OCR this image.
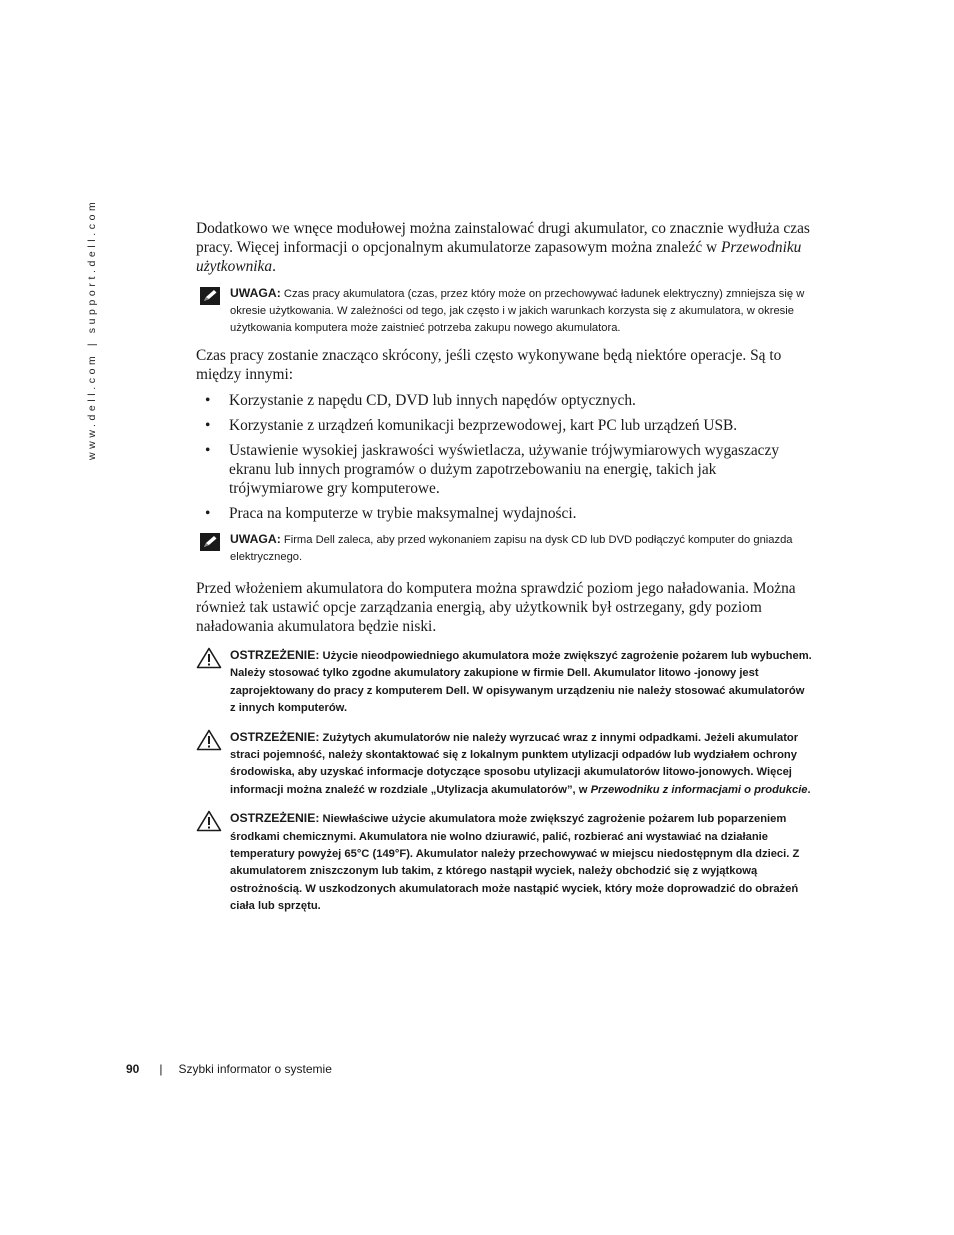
www.dell.com | support.dell.com	Dodatkowo we wnęce modułowej można zainstalować drugi akumulator, co znacznie wydłuża czas pracy. Więcej informacji o opcjonalnym akumulatorze zapasowym można znaleźć w Przewodniku użytkownika.

UWAGA: Czas pracy akumulatora (czas, przez który może on przechowywać ładunek elektryczny) zmniejsza się w okresie użytkowania. W zależności od tego, jak często i w jakich warunkach korzysta się z akumulatora, w okresie użytkowania komputera może zaistnieć potrzeba zakupu nowego akumulatora.

Czas pracy zostanie znacząco skrócony, jeśli często wykonywane będą niektóre operacje. Są to między innymi:

• Korzystanie z napędu CD, DVD lub innych napędów optycznych.
• Korzystanie z urządzeń komunikacji bezprzewodowej, kart PC lub urządzeń USB.
• Ustawienie wysokiej jaskrawości wyświetlacza, używanie trójwymiarowych wygaszaczy ekranu lub innych programów o dużym zapotrzebowaniu na energię, takich jak trójwymiarowe gry komputerowe.
• Praca na komputerze w trybie maksymalnej wydajności.
UWAGA: Firma Dell zaleca, aby przed wykonaniem zapisu na dysk CD lub DVD podłączyć komputer do gniazda elektrycznego.

Przed włożeniem akumulatora do komputera można sprawdzić poziom jego naładowania. Można również tak ustawić opcje zarządzania energią, aby użytkownik był ostrzegany, gdy poziom naładowania akumulatora będzie niski.

OSTRZEŻENIE: Użycie nieodpowiedniego akumulatora może zwiększyć zagrożenie pożarem lub wybuchem. Należy stosować tylko zgodne akumulatory zakupione w firmie Dell. Akumulator litowo -jonowy jest zaprojektowany do pracy z komputerem Dell. W opisywanym urządzeniu nie należy stosować akumulatorów z innych komputerów.
OSTRZEŻENIE: Zużytych akumulatorów nie należy wyrzucać wraz z innymi odpadkami. Jeżeli akumulator straci pojemność, należy skontaktować się z lokalnym punktem utylizacji odpadów lub wydziałem ochrony środowiska, aby uzyskać informacje dotyczące sposobu utylizacji akumulatorów litowo-jonowych. Więcej informacji można znaleźć w rozdziale „Utylizacja akumulatorów”, w Przewodniku z informacjami o produkcie.
OSTRZEŻENIE: Niewłaściwe użycie akumulatora może zwiększyć zagrożenie pożarem lub poparzeniem środkami chemicznymi. Akumulatora nie wolno dziurawić, palić, rozbierać ani wystawiać na działanie temperatury powyżej 65°C (149°F). Akumulator należy przechowywać w miejscu niedostępnym dla dzieci. Z akumulatorem zniszczonym lub takim, z którego nastąpił wyciek, należy obchodzić się z wyjątkową ostrożnością. W uszkodzonych akumulatorach może nastąpić wyciek, który może doprowadzić do obrażeń ciała lub sprzętu.
90 | Szybki informator o systemie
